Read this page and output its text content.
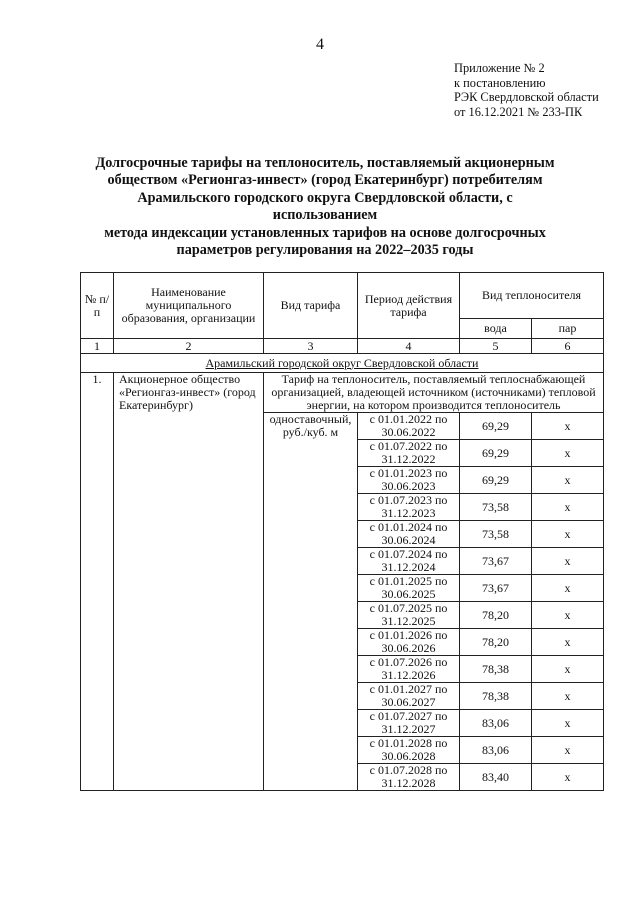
4
Приложение № 2
к постановлению
РЭК Свердловской области
от 16.12.2021 № 233-ПК
Долгосрочные тарифы на теплоноситель, поставляемый акционерным
обществом «Регионгаз-инвест» (город Екатеринбург) потребителям
Арамильского городского округа Свердловской области, с использованием
метода индексации установленных тарифов на основе долгосрочных
параметров регулирования на 2022–2035 годы
№ п/п	Наименование муниципального образования, организации	Вид тарифа	Период действия тарифа	Вид теплоносителя	
				вода	пар
1	2	3	4	5	6
Арамильский городской округ Свердловской области					
1.	Акционерное общество «Регионгаз-инвест» (город Екатеринбург)	Тариф на теплоноситель, поставляемый теплоснабжающей организацией, владеющей источником (источниками) тепловой энергии, на котором производится теплоноситель			
		одноставочный, руб./куб. м	с 01.01.2022 по
30.06.2022	69,29	x

			с 01.07.2022 по
31.12.2022	69,29	x

			с 01.01.2023 по
30.06.2023	69,29	x

			с 01.07.2023 по
31.12.2023	73,58	x

			с 01.01.2024 по
30.06.2024	73,58	x

			с 01.07.2024 по
31.12.2024	73,67	x

			с 01.01.2025 по
30.06.2025	73,67	x

			с 01.07.2025 по
31.12.2025	78,20	x

			с 01.01.2026 по
30.06.2026	78,20	x

			с 01.07.2026 по
31.12.2026	78,38	x

			с 01.01.2027 по
30.06.2027	78,38	x

			с 01.07.2027 по
31.12.2027	83,06	x

			с 01.01.2028 по
30.06.2028	83,06	x

			с 01.07.2028 по
31.12.2028	83,40	x
